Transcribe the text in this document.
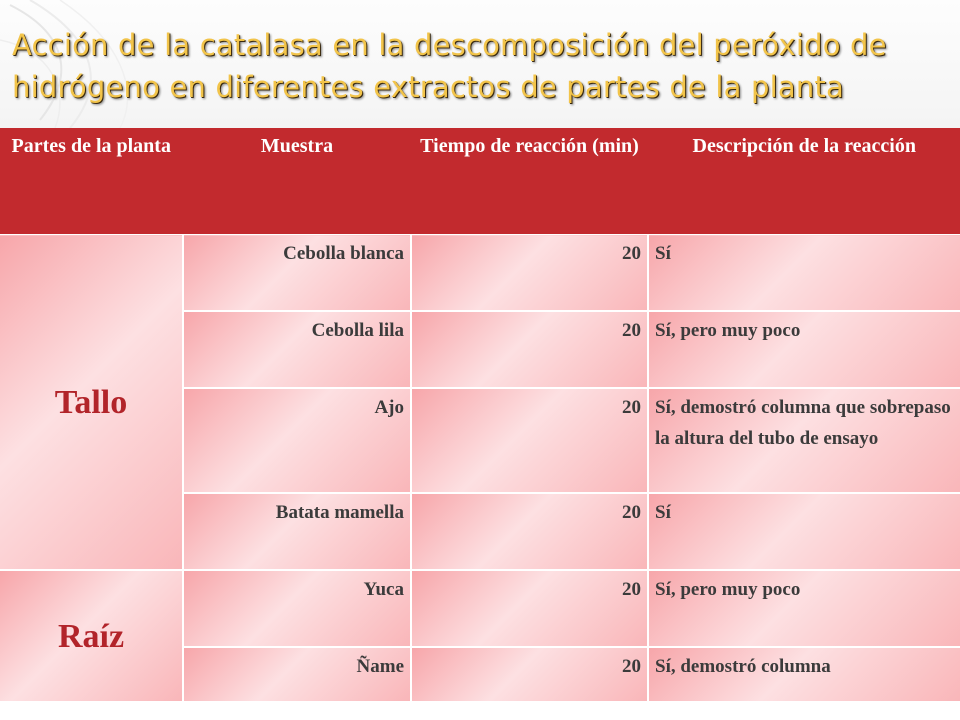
Acción de la catalasa en la descomposición del peróxido de hidrógeno en diferentes extractos de partes de la planta
Partes de la planta	Muestra	Tiempo de reacción (min)	Descripción de la reacción
Tallo	Cebolla blanca	20	Sí
	Cebolla lila	20	Sí, pero muy poco
	Ajo	20	Sí, demostró columna que sobrepaso la altura del tubo de ensayo
	Batata mamella	20	Sí
Raíz	Yuca	20	Sí, pero muy poco
	Ñame	20	Sí, demostró columna
